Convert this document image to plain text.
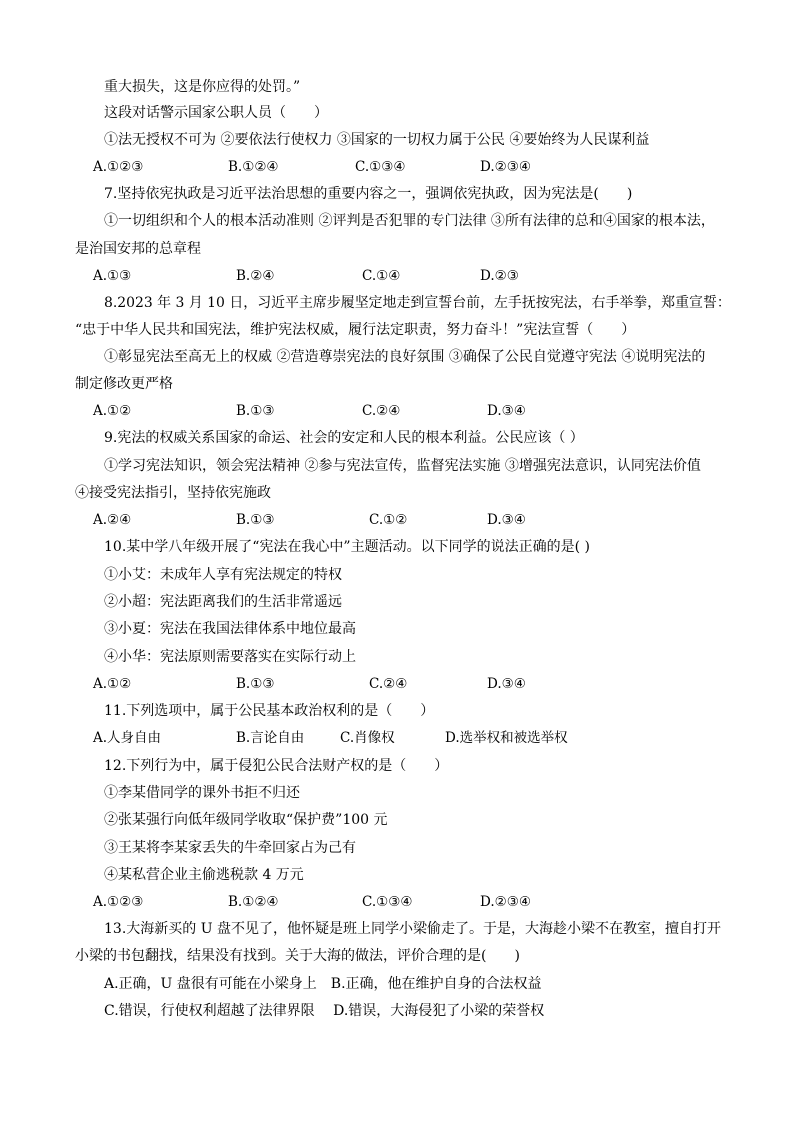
重大损失，这是你应得的处罚。”
这段对话警示国家公职人员（　　）
①法无授权不可为 ②要依法行使权力 ③国家的一切权力属于公民 ④要始终为人民谋利益
A.①②③	B.①②④	C.①③④	D.②③④
7.坚持依宪执政是习近平法治思想的重要内容之一，强调依宪执政，因为宪法是(　　)
①一切组织和个人的根本活动准则 ②评判是否犯罪的专门法律 ③所有法律的总和④国家的根本法，
是治国安邦的总章程
A.①③	B.②④	C.①④	D.②③
8.2023 年 3 月 10 日，习近平主席步履坚定地走到宣誓台前，左手抚按宪法，右手举拳，郑重宣誓：
“忠于中华人民共和国宪法，维护宪法权威，履行法定职责，努力奋斗！”宪法宣誓（　　）
①彰显宪法至高无上的权威 ②营造尊崇宪法的良好氛围 ③确保了公民自觉遵守宪法 ④说明宪法的
制定修改更严格
A.①②	B.①③	C.②④	D.③④
9.宪法的权威关系国家的命运、社会的安定和人民的根本利益。公民应该（ ）
①学习宪法知识，领会宪法精神 ②参与宪法宣传，监督宪法实施 ③增强宪法意识，认同宪法价值
④接受宪法指引，坚持依宪施政
A.②④	B.①③	C.①②	D.③④
10.某中学八年级开展了“宪法在我心中”主题活动。以下同学的说法正确的是( )
①小艾：未成年人享有宪法规定的特权
②小超：宪法距离我们的生活非常遥远
③小夏：宪法在我国法律体系中地位最高
④小华：宪法原则需要落实在实际行动上
A.①②	B.①③	C.②④	D.③④
11.下列选项中，属于公民基本政治权利的是（　　）
A.人身自由	B.言论自由	C.肖像权	D.选举权和被选举权
12.下列行为中，属于侵犯公民合法财产权的是（　　）
①李某借同学的课外书拒不归还
②张某强行向低年级同学收取“保护费”100 元
③王某将李某家丢失的牛牵回家占为己有
④某私营企业主偷逃税款 4 万元
A.①②③	B.①②④	C.①③④	D.②③④
13.大海新买的 U 盘不见了，他怀疑是班上同学小梁偷走了。于是，大海趁小梁不在教室，擅自打开
小梁的书包翻找，结果没有找到。关于大海的做法，评价合理的是(　　)
A.正确，U 盘很有可能在小梁身上　B.正确，他在维护自身的合法权益
C.错误，行使权利超越了法律界限　 D.错误，大海侵犯了小梁的荣誉权
